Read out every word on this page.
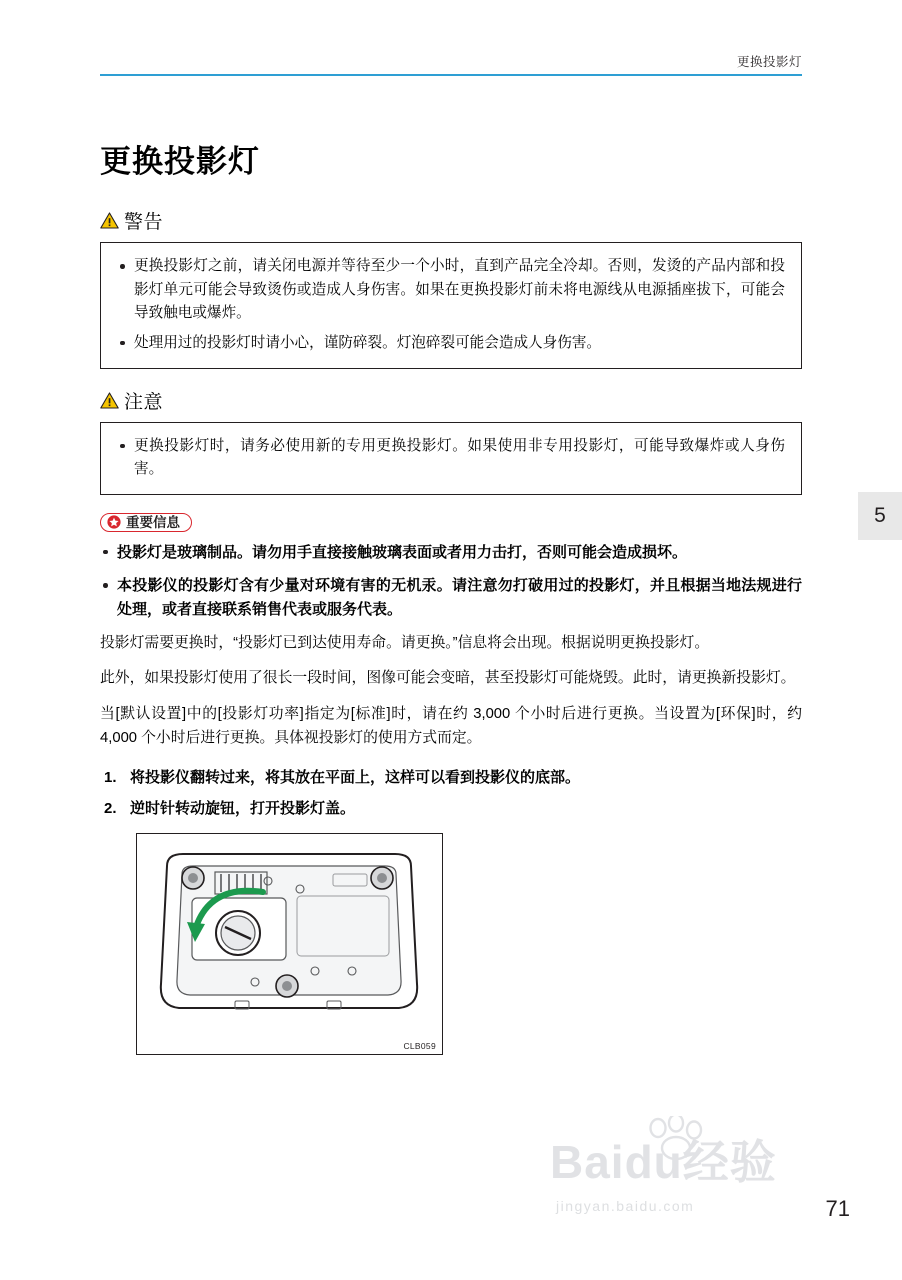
更换投影灯
5
更换投影灯
警告
更换投影灯之前，请关闭电源并等待至少一个小时，直到产品完全冷却。否则，发烫的产品内部和投影灯单元可能会导致烫伤或造成人身伤害。如果在更换投影灯前未将电源线从电源插座拔下，可能会导致触电或爆炸。
处理用过的投影灯时请小心，谨防碎裂。灯泡碎裂可能会造成人身伤害。
注意
更换投影灯时，请务必使用新的专用更换投影灯。如果使用非专用投影灯，可能导致爆炸或人身伤害。
重要信息
投影灯是玻璃制品。请勿用手直接接触玻璃表面或者用力击打，否则可能会造成损坏。
本投影仪的投影灯含有少量对环境有害的无机汞。请注意勿打破用过的投影灯，并且根据当地法规进行处理，或者直接联系销售代表或服务代表。

投影灯需要更换时，“投影灯已到达使用寿命。请更换。”信息将会出现。根据说明更换投影灯。

此外，如果投影灯使用了很长一段时间，图像可能会变暗，甚至投影灯可能烧毁。此时，请更换新投影灯。

当[默认设置]中的[投影灯功率]指定为[标准]时，请在约 3,000 个小时后进行更换。当设置为[环保]时，约 4,000 个小时后进行更换。具体视投影灯的使用方式而定。

将投影仪翻转过来，将其放在平面上，这样可以看到投影仪的底部。
逆时针转动旋钮，打开投影灯盖。
CLB059
Baidu经验
jingyan.baidu.com	71
